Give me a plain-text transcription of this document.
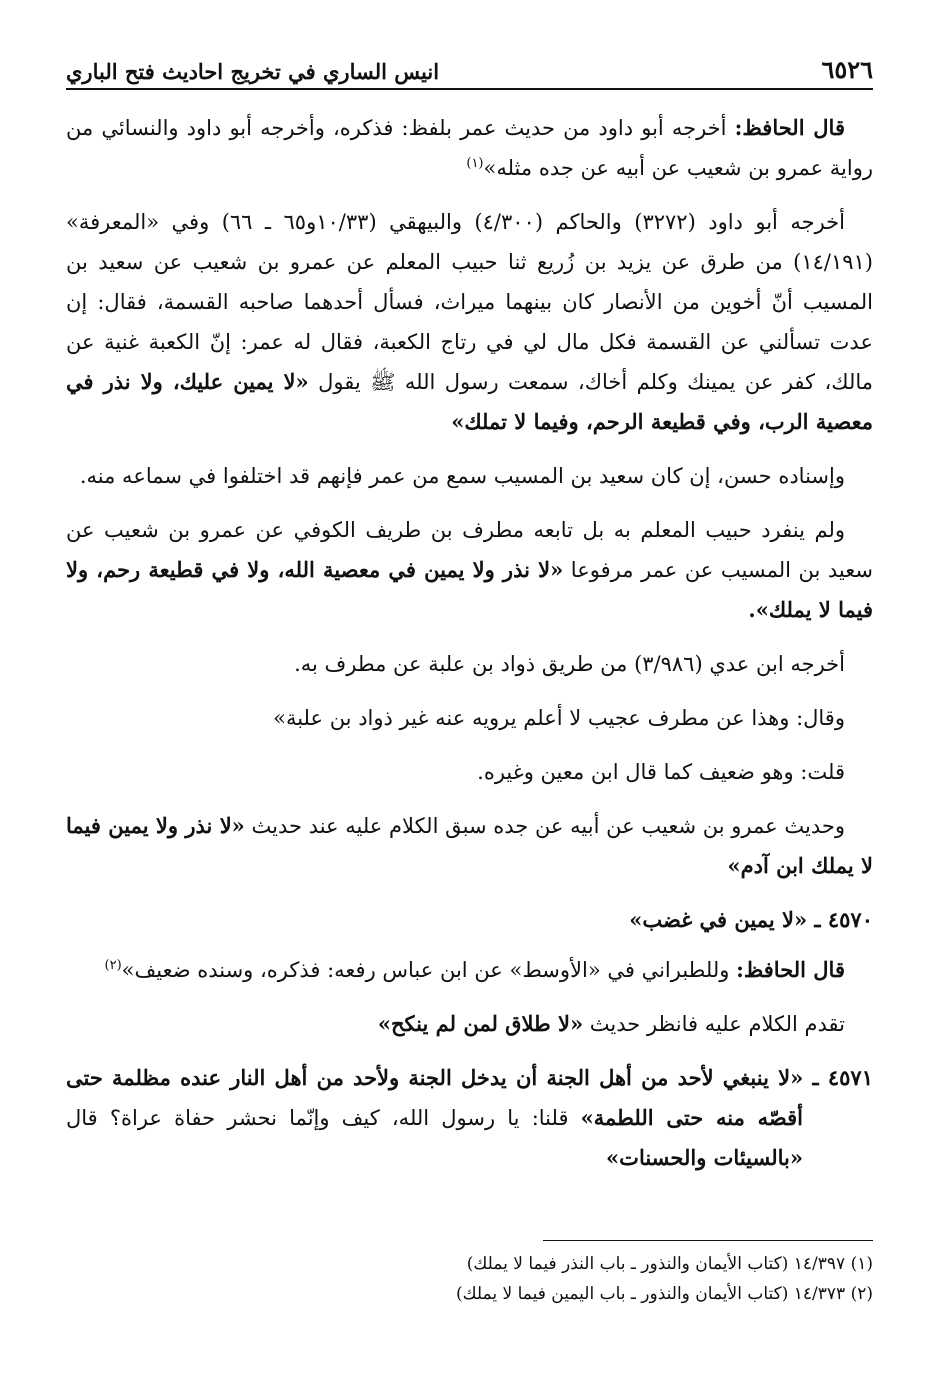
٦٥٢٦
انيس الساري في تخريج احاديث فتح الباري

قال الحافظ: أخرجه أبو داود من حديث عمر بلفظ: فذكره، وأخرجه أبو داود والنسائي من رواية عمرو بن شعيب عن أبيه عن جده مثله»$^{(١)}$

أخرجه أبو داود (٣٢٧٢) والحاكم (٤/٣٠٠) والبيهقي (١٠/٣٣و٦٥ ـ ٦٦) وفي «المعرفة» (١٤/١٩١) من طرق عن يزيد بن زُريع ثنا حبيب المعلم عن عمرو بن شعيب عن سعيد بن المسيب أنّ أخوين من الأنصار كان بينهما ميراث، فسأل أحدهما صاحبه القسمة، فقال: إن عدت تسألني عن القسمة فكل مال لي في رتاج الكعبة، فقال له عمر: إنّ الكعبة غنية عن مالك، كفر عن يمينك وكلم أخاك، سمعت رسول الله ﷺ يقول «لا يمين عليك، ولا نذر في معصية الرب، وفي قطيعة الرحم، وفيما لا تملك»

وإسناده حسن، إن كان سعيد بن المسيب سمع من عمر فإنهم قد اختلفوا في سماعه منه.

ولم ينفرد حبيب المعلم به بل تابعه مطرف بن طريف الكوفي عن عمرو بن شعيب عن سعيد بن المسيب عن عمر مرفوعا «لا نذر ولا يمين في معصية الله، ولا في قطيعة رحم، ولا فيما لا يملك».

أخرجه ابن عدي (٣/٩٨٦) من طريق ذواد بن علبة عن مطرف به.

وقال: وهذا عن مطرف عجيب لا أعلم يرويه عنه غير ذواد بن علبة»

قلت: وهو ضعيف كما قال ابن معين وغيره.

وحديث عمرو بن شعيب عن أبيه عن جده سبق الكلام عليه عند حديث «لا نذر ولا يمين فيما لا يملك ابن آدم»

٤٥٧٠ ـ «لا يمين في غضب»

قال الحافظ: وللطبراني في «الأوسط» عن ابن عباس رفعه: فذكره، وسنده ضعيف»$^{(٢)}$

تقدم الكلام عليه فانظر حديث «لا طلاق لمن لم ينكح»

٤٥٧١ ـ «لا ينبغي لأحد من أهل الجنة أن يدخل الجنة ولأحد من أهل النار عنده مظلمة حتى أقصّه منه حتى اللطمة» قلنا: يا رسول الله، كيف وإنّما نحشر حفاة عراة؟ قال «بالسيئات والحسنات»

(١) ١٤/٣٩٧ (كتاب الأيمان والنذور ـ باب النذر فيما لا يملك)

(٢) ١٤/٣٧٣ (كتاب الأيمان والنذور ـ باب اليمين فيما لا يملك)
